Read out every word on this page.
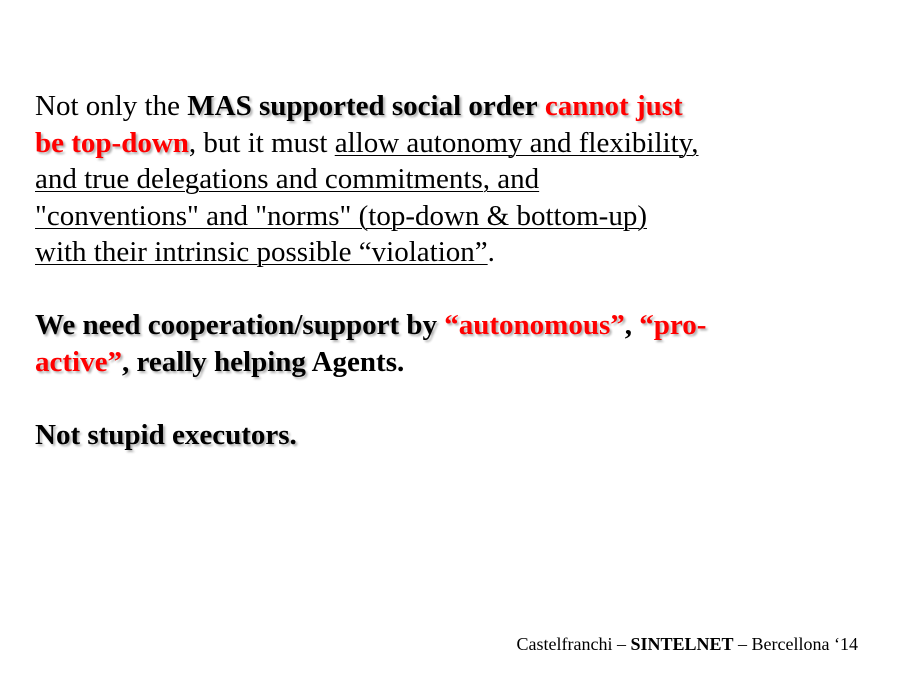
Not only the MAS supported social order cannot just
be top-down, but it must allow autonomy and flexibility,
and true delegations and commitments, and
"conventions" and "norms" (top-down & bottom-up)
with their intrinsic possible “violation”.
We need cooperation/support by “autonomous”, “pro-
active”, really helping Agents.
Not stupid executors.
Castelfranchi – SINTELNET – Bercellona ‘14
